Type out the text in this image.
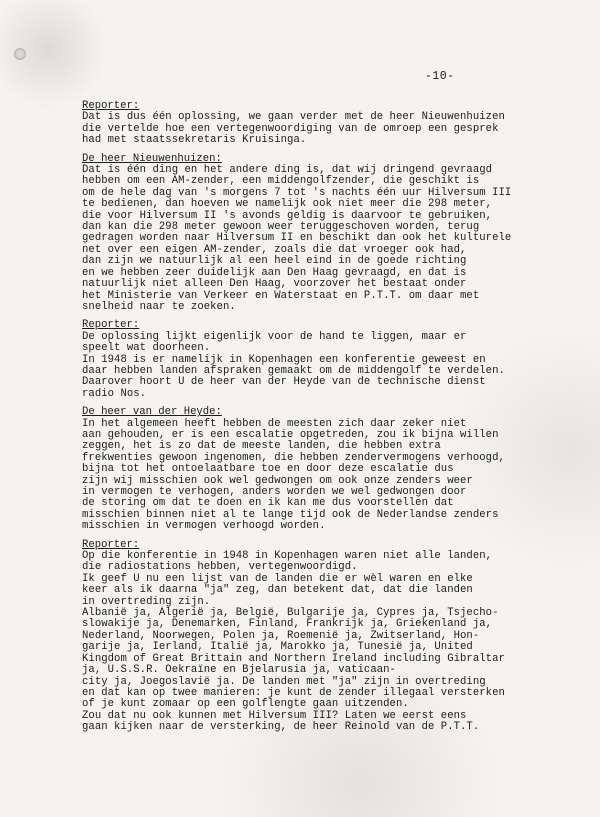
-10-
Reporter:
Dat is dus één oplossing, we gaan verder met de heer Nieuwenhuizen
die vertelde hoe een vertegenwoordiging van de omroep een gesprek
had met staatssekretaris Kruisinga.
De heer Nieuwenhuizen:
Dat is één ding en het andere ding is, dat wij dringend gevraagd
hebben om een AM-zender, een middengolfzender, die geschikt is
om de hele dag van 's morgens 7 tot 's nachts één uur Hilversum III
te bedienen, dan hoeven we namelijk ook niet meer die 298 meter,
die voor Hilversum II 's avonds geldig is daarvoor te gebruiken,
dan kan die 298 meter gewoon weer teruggeschoven worden, terug
gedragen worden naar Hilversum II en beschikt dan ook het kulturele
net over een eigen AM-zender, zoals die dat vroeger ook had,
dan zijn we natuurlijk al een heel eind in de goede richting
en we hebben zeer duidelijk aan Den Haag gevraagd, en dat is
natuurlijk niet alleen Den Haag, voorzover het bestaat onder
het Ministerie van Verkeer en Waterstaat en P.T.T. om daar met
snelheid naar te zoeken.
Reporter:
De oplossing lijkt eigenlijk voor de hand te liggen, maar er
speelt wat doorheen.
In 1948 is er namelijk in Kopenhagen een konferentie geweest en
daar hebben landen afspraken gemaakt om de middengolf te verdelen.
Daarover hoort U de heer van der Heyde van de technische dienst
radio Nos.
De heer van der Heyde:
In het algemeen heeft hebben de meesten zich daar zeker niet
aan gehouden, er is een escalatie opgetreden, zou ik bijna willen
zeggen, het is zo dat de meeste landen, die hebben extra
frekwenties gewoon ingenomen, die hebben zendervermogens verhoogd,
bijna tot het ontoelaatbare toe en door deze escalatie dus
zijn wij misschien ook wel gedwongen om ook onze zenders weer
in vermogen te verhogen, anders worden we wel gedwongen door
de storing om dat te doen en ik kan me dus voorstellen dat
misschien binnen niet al te lange tijd ook de Nederlandse zenders
misschien in vermogen verhoogd worden.
Reporter:
Op die konferentie in 1948 in Kopenhagen waren niet alle landen,
die radiostations hebben, vertegenwoordigd.
Ik geef U nu een lijst van de landen die er wèl waren en elke
keer als ik daarna "ja" zeg, dan betekent dat, dat die landen
in overtreding zijn.
Albanië ja, Algerië ja, België, Bulgarije ja, Cypres ja, Tsjecho-
slowakije ja, Denemarken, Finland, Frankrijk ja, Griekenland ja,
Nederland, Noorwegen, Polen ja, Roemenië ja, Zwitserland, Hon-
garije ja, Ierland, Italië ja, Marokko ja, Tunesië ja, United
Kingdom of Great Brittain and Northern Ireland including Gibraltar
ja, U.S.S.R. Oekraïne en Bjelarusia ja, vaticaan-
city ja, Joegoslavië ja. De landen met "ja" zijn in overtreding
en dat kan op twee manieren: je kunt de zender illegaal versterken
of je kunt zomaar op een golflengte gaan uitzenden.
Zou dat nu ook kunnen met Hilversum III? Laten we eerst eens
gaan kijken naar de versterking, de heer Reinold van de P.T.T.
